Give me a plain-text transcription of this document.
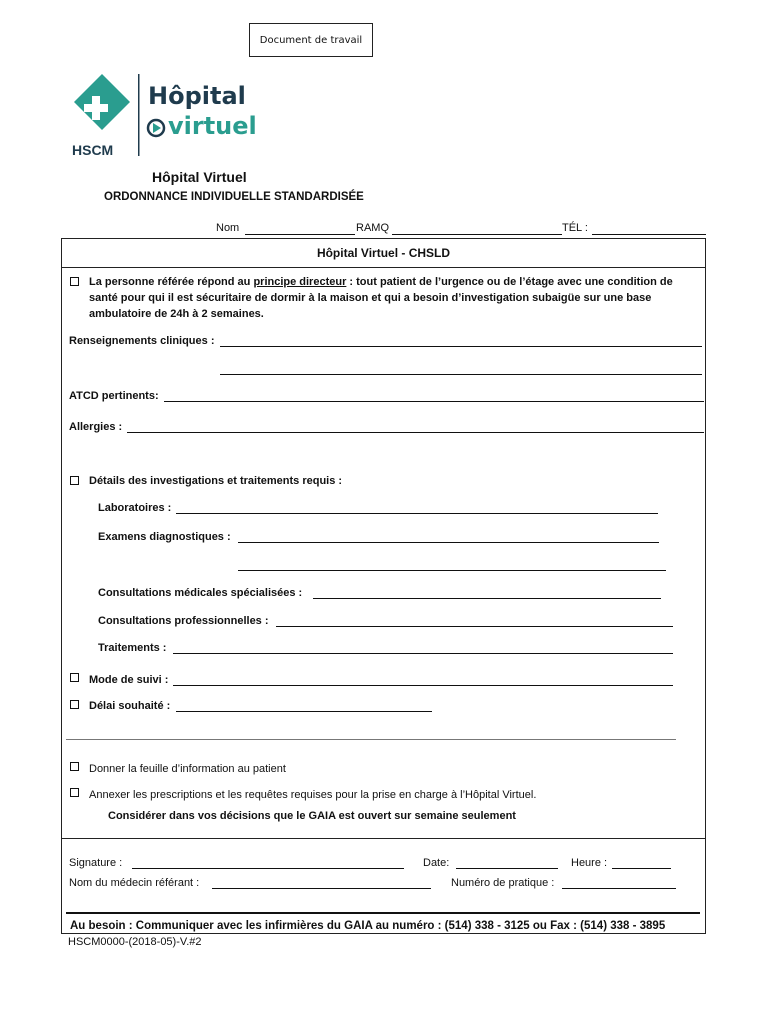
Document de travail
Hôpital
virtuel
HSCM
Hôpital Virtuel
ORDONNANCE INDIVIDUELLE STANDARDISÉE
Nom	RAMQ	TÉL :
Hôpital Virtuel - CHSLD
La personne référée répond au principe directeur : tout patient de l’urgence ou de l’étage avec une condition de santé pour qui il est sécuritaire de dormir à la maison et qui a besoin d’investigation subaigüe sur une base ambulatoire de 24h à 2 semaines.
Renseignements cliniques :
ATCD pertinents:
Allergies :
Détails des investigations et traitements requis :
Laboratoires :
Examens diagnostiques :
Consultations médicales spécialisées :
Consultations professionnelles :
Traitements :
Mode de suivi :
Délai souhaité :
Donner la feuille d’information au patient
Annexer les prescriptions et les requêtes requises pour la prise en charge à l’Hôpital Virtuel.
Considérer dans vos décisions que le GAIA est ouvert sur semaine seulement
Signature :	Date:	Heure :
Nom du médecin référant :	Numéro de pratique :
Au besoin : Communiquer avec les infirmières du GAIA au numéro : (514) 338 - 3125 ou Fax : (514) 338 - 3895
HSCM0000-(2018-05)-V.#2
